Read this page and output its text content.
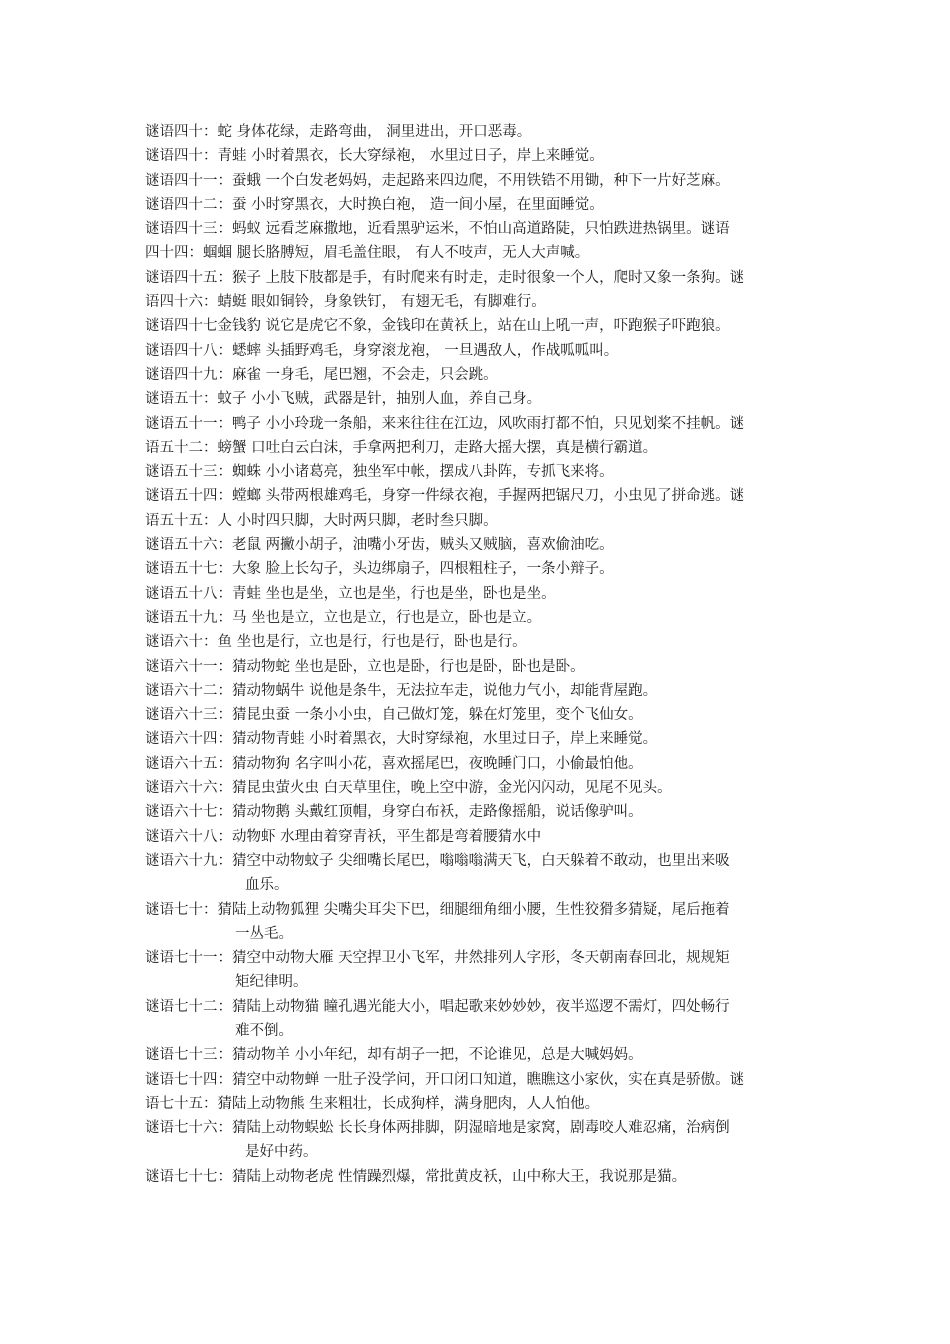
谜语四十：蛇 身体花绿，走路弯曲， 洞里进出，开口恶毒。
谜语四十：青蛙 小时着黑衣，长大穿绿袍， 水里过日子，岸上来睡觉。
谜语四十一：蚕蛾 一个白发老妈妈，走起路来四边爬，不用铁锆不用锄，种下一片好芝麻。
谜语四十二：蚕 小时穿黑衣，大时换白袍， 造一间小屋，在里面睡觉。
谜语四十三：蚂蚁 远看芝麻撒地，近看黑驴运米，不怕山高道路陡，只怕跌进热锅里。谜语
四十四：蝈蝈 腿长胳膊短，眉毛盖住眼， 有人不吱声，无人大声喊。
谜语四十五：猴子 上肢下肢都是手，有时爬来有时走，走时很象一个人，爬时又象一条狗。谜
语四十六：蜻蜓 眼如铜铃，身象铁钉， 有翅无毛，有脚难行。
谜语四十七金钱豹 说它是虎它不象，金钱印在黄袄上，站在山上吼一声，吓跑猴子吓跑狼。
谜语四十八：蟋蟀 头插野鸡毛，身穿滚龙袍， 一旦遇敌人，作战呱呱叫。
谜语四十九：麻雀 一身毛，尾巴翘，不会走，只会跳。
谜语五十：蚊子 小小飞贼，武器是针，抽别人血，养自己身。
谜语五十一：鸭子 小小玲珑一条船，来来往往在江边，风吹雨打都不怕，只见划桨不挂帆。谜
语五十二：螃蟹 口吐白云白沫，手拿两把利刀，走路大摇大摆，真是横行霸道。
谜语五十三：蜘蛛 小小诸葛亮，独坐军中帐，摆成八卦阵，专抓飞来将。
谜语五十四：螳螂 头带两根雄鸡毛，身穿一件绿衣袍，手握两把锯尺刀，小虫见了拼命逃。谜
语五十五：人 小时四只脚，大时两只脚，老时叁只脚。
谜语五十六：老鼠 两撇小胡子，油嘴小牙齿，贼头又贼脑，喜欢偷油吃。
谜语五十七：大象 脸上长勾子，头边绑扇子，四根粗柱子，一条小辩子。
谜语五十八：青蛙 坐也是坐，立也是坐，行也是坐，卧也是坐。
谜语五十九：马 坐也是立，立也是立，行也是立，卧也是立。
谜语六十：鱼 坐也是行，立也是行，行也是行，卧也是行。
谜语六十一：猜动物蛇 坐也是卧，立也是卧，行也是卧，卧也是卧。
谜语六十二：猜动物蜗牛 说他是条牛，无法拉车走，说他力气小，却能背屋跑。
谜语六十三：猜昆虫蚕 一条小小虫，自己做灯笼，躲在灯笼里，变个飞仙女。
谜语六十四：猜动物青蛙 小时着黑衣，大时穿绿袍，水里过日子，岸上来睡觉。
谜语六十五：猜动物狗 名字叫小花，喜欢摇尾巴，夜晚睡门口，小偷最怕他。
谜语六十六：猜昆虫萤火虫 白天草里住，晚上空中游，金光闪闪动，见尾不见头。
谜语六十七：猜动物鹅 头戴红顶帽，身穿白布袄，走路像摇船，说话像驴叫。
谜语六十八：动物虾 水理由着穿青袄，平生都是弯着腰猜水中
谜语六十九：猜空中动物蚊子 尖细嘴长尾巴，嗡嗡嗡满天飞，白天躲着不敢动，也里出来吸
血乐。
谜语七十：猜陆上动物狐狸 尖嘴尖耳尖下巴，细腿细角细小腰，生性狡猾多猜疑，尾后拖着
一丛毛。
谜语七十一：猜空中动物大雁 天空捍卫小飞军，井然排列人字形，冬天朝南春回北，规规矩
矩纪律明。
谜语七十二：猜陆上动物猫 瞳孔遇光能大小，唱起歌来妙妙妙，夜半巡逻不需灯，四处畅行
难不倒。
谜语七十三：猜动物羊 小小年纪，却有胡子一把，不论谁见，总是大喊妈妈。
谜语七十四：猜空中动物蝉 一肚子没学问，开口闭口知道，瞧瞧这小家伙，实在真是骄傲。谜
语七十五：猜陆上动物熊 生来粗壮，长成狗样，满身肥肉，人人怕他。
谜语七十六：猜陆上动物蜈蚣 长长身体两排脚，阴湿暗地是家窝，剧毒咬人难忍痛，治病倒
是好中药。
谜语七十七：猜陆上动物老虎 性情躁烈爆，常批黄皮袄，山中称大王，我说那是猫。
